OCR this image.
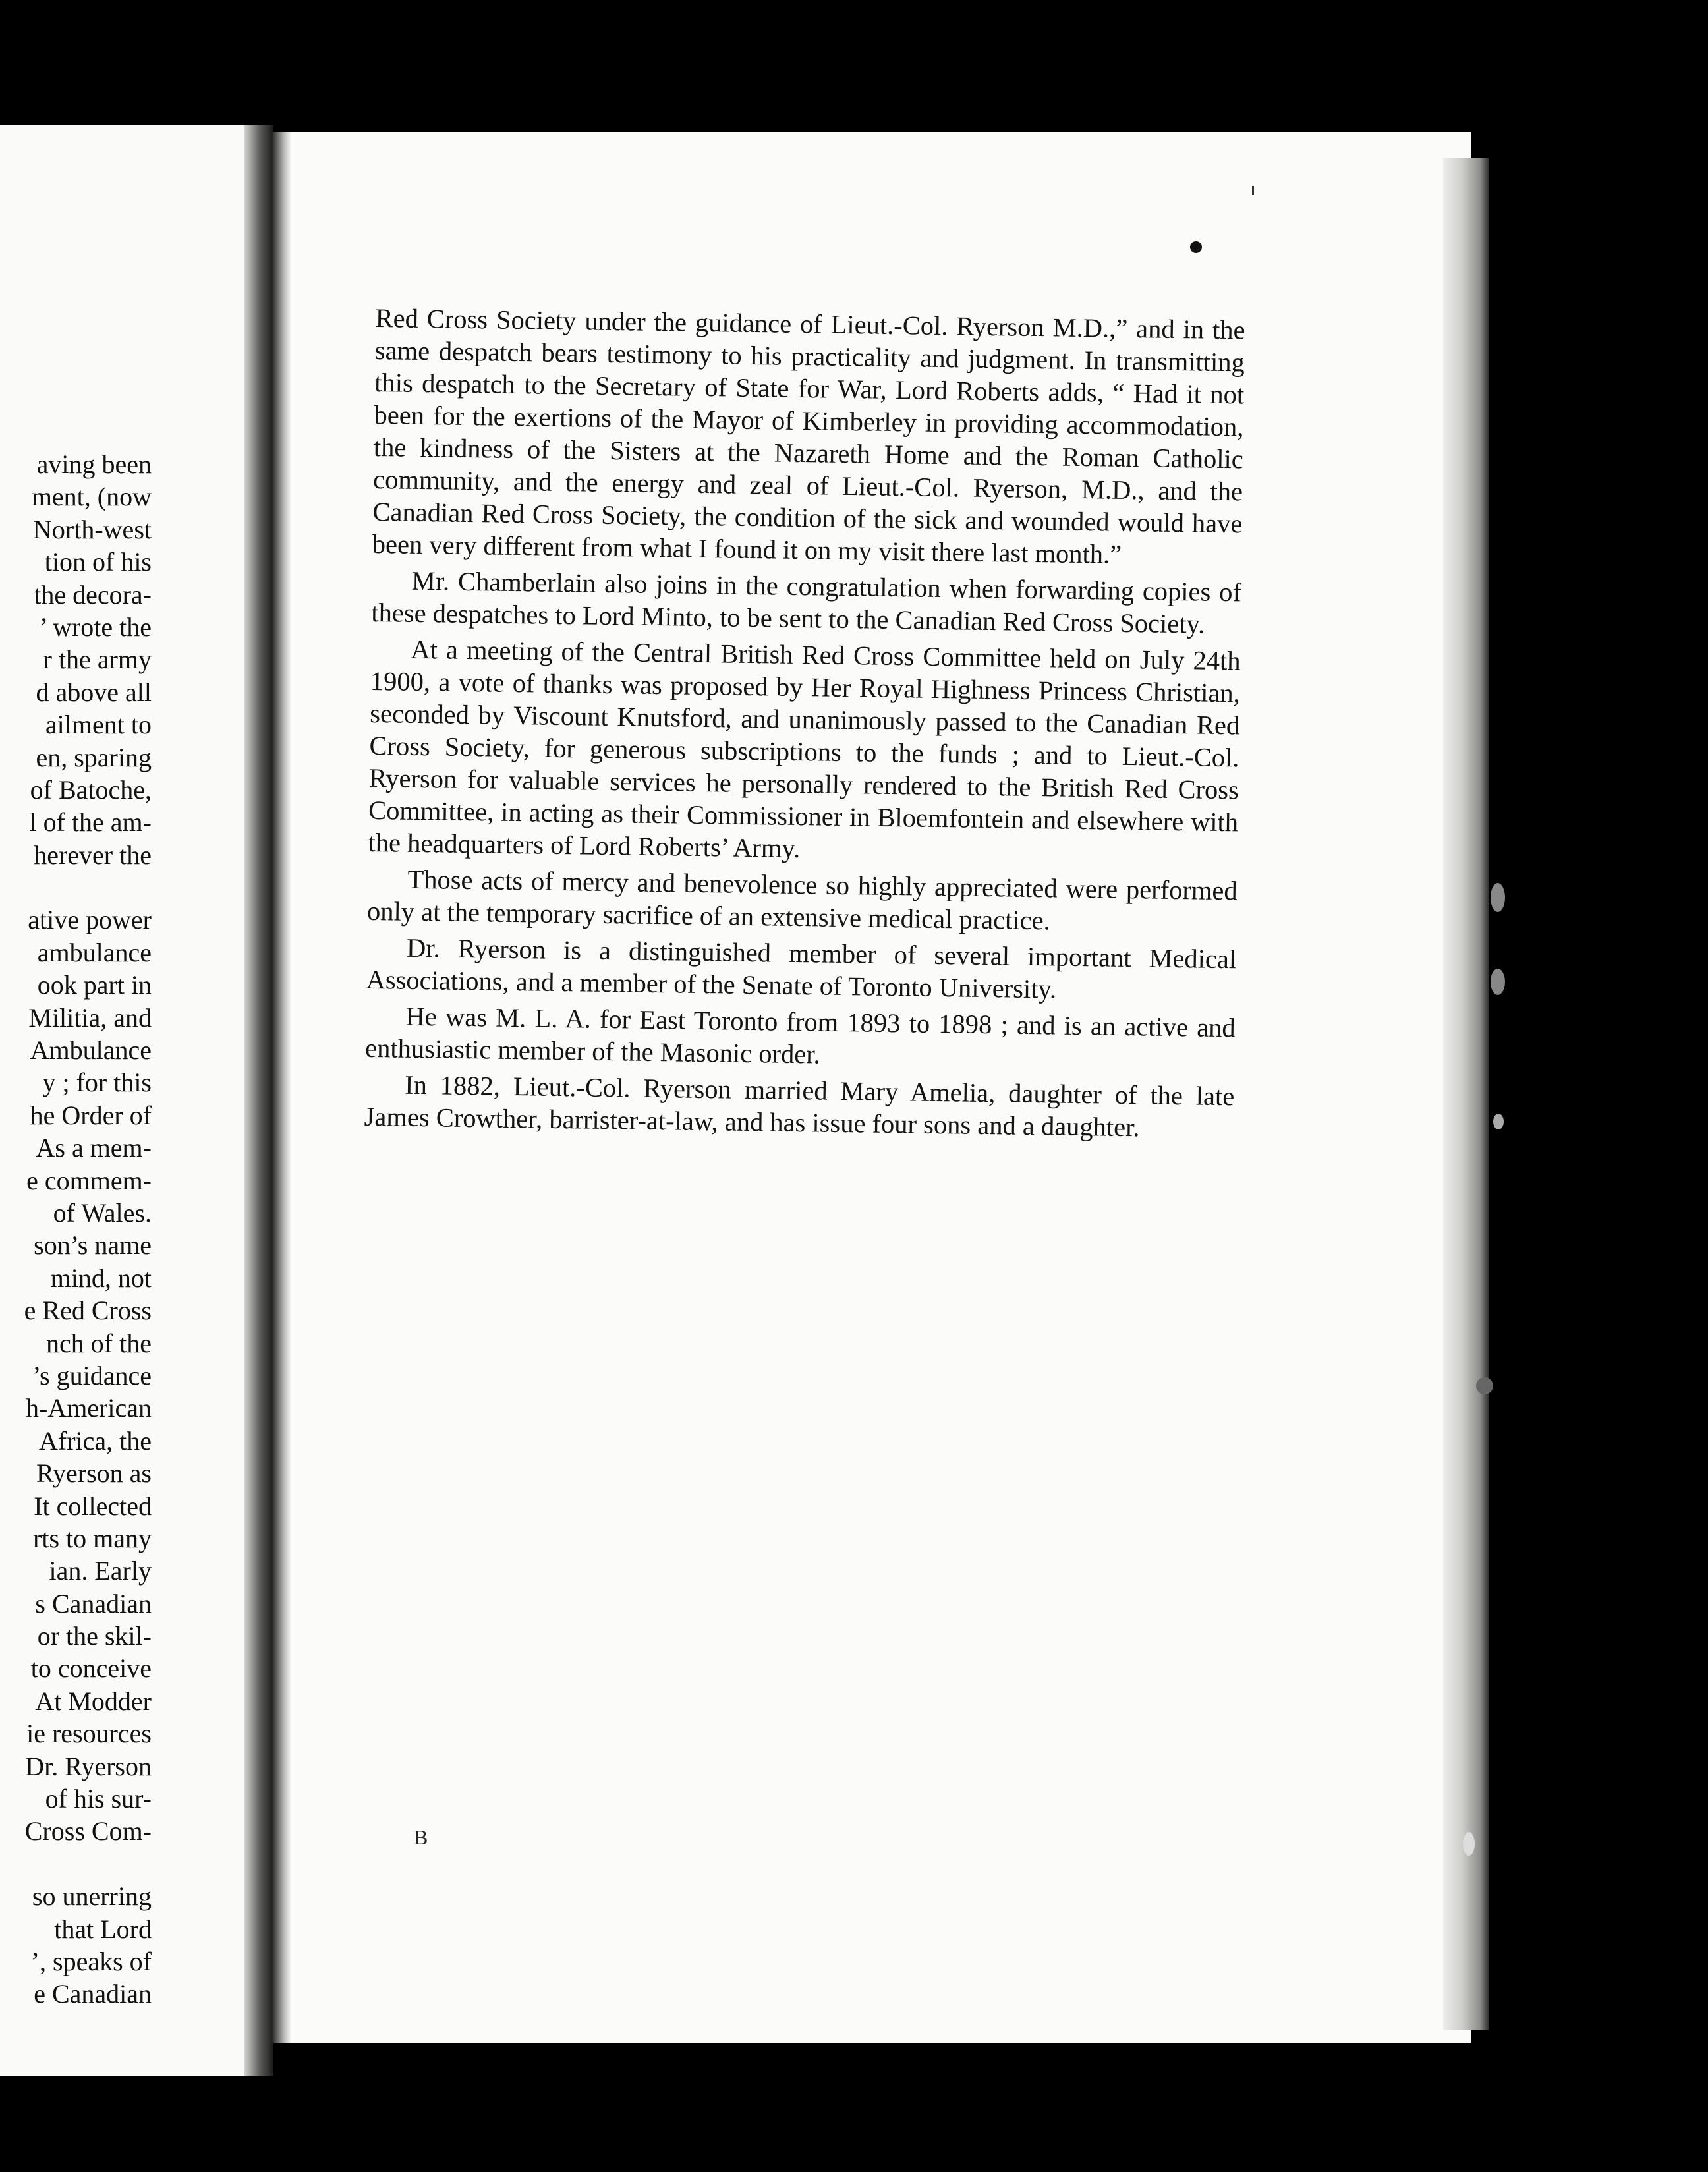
aving been
ment, (now
North-west
tion of his
the decora-
’ wrote the
r the army
d above all
ailment to
en, sparing
of Batoche,
l of the am-
herever the
ative power
ambulance
ook part in
Militia, and
Ambulance
y ; for this
he Order of
As a mem-
e commem-
of Wales.
son’s name
mind, not
e Red Cross
nch of the
’s guidance
h-American
Africa, the
Ryerson as
It collected
rts to many
ian. Early
s Canadian
or the skil-
to conceive
At Modder
ie resources
Dr. Ryerson
of his sur-
Cross Com-
so unerring
that Lord
’, speaks of
e Canadian

Red Cross Society under the guidance of Lieut.-Col. Ryerson M.D.,” and in the same despatch bears testimony to his practicality and judgment. In transmitting this despatch to the Secretary of State for War, Lord Roberts adds, “ Had it not been for the exertions of the Mayor of Kimberley in providing accommodation, the kindness of the Sisters at the Nazareth Home and the Roman Catholic community, and the energy and zeal of Lieut.-Col. Ryerson, M.D., and the Canadian Red Cross Society, the condition of the sick and wounded would have been very different from what I found it on my visit there last month.”

Mr. Chamberlain also joins in the congratulation when forwarding copies of these despatches to Lord Minto, to be sent to the Canadian Red Cross Society.

At a meeting of the Central British Red Cross Committee held on July 24th 1900, a vote of thanks was proposed by Her Royal Highness Princess Christian, seconded by Viscount Knutsford, and unanimously passed to the Canadian Red Cross Society, for generous subscriptions to the funds ; and to Lieut.-Col. Ryerson for valuable services he personally rendered to the British Red Cross Committee, in acting as their Commissioner in Bloemfontein and elsewhere with the headquarters of Lord Roberts’ Army.

Those acts of mercy and benevolence so highly appreciated were performed only at the temporary sacrifice of an extensive medical practice.

Dr. Ryerson is a distinguished member of several important Medical Associations, and a member of the Senate of Toronto University.

He was M. L. A. for East Toronto from 1893 to 1898 ; and is an active and enthusiastic member of the Masonic order.

In 1882, Lieut.-Col. Ryerson married Mary Amelia, daughter of the late James Crowther, barrister-at-law, and has issue four sons and a daughter.

B
